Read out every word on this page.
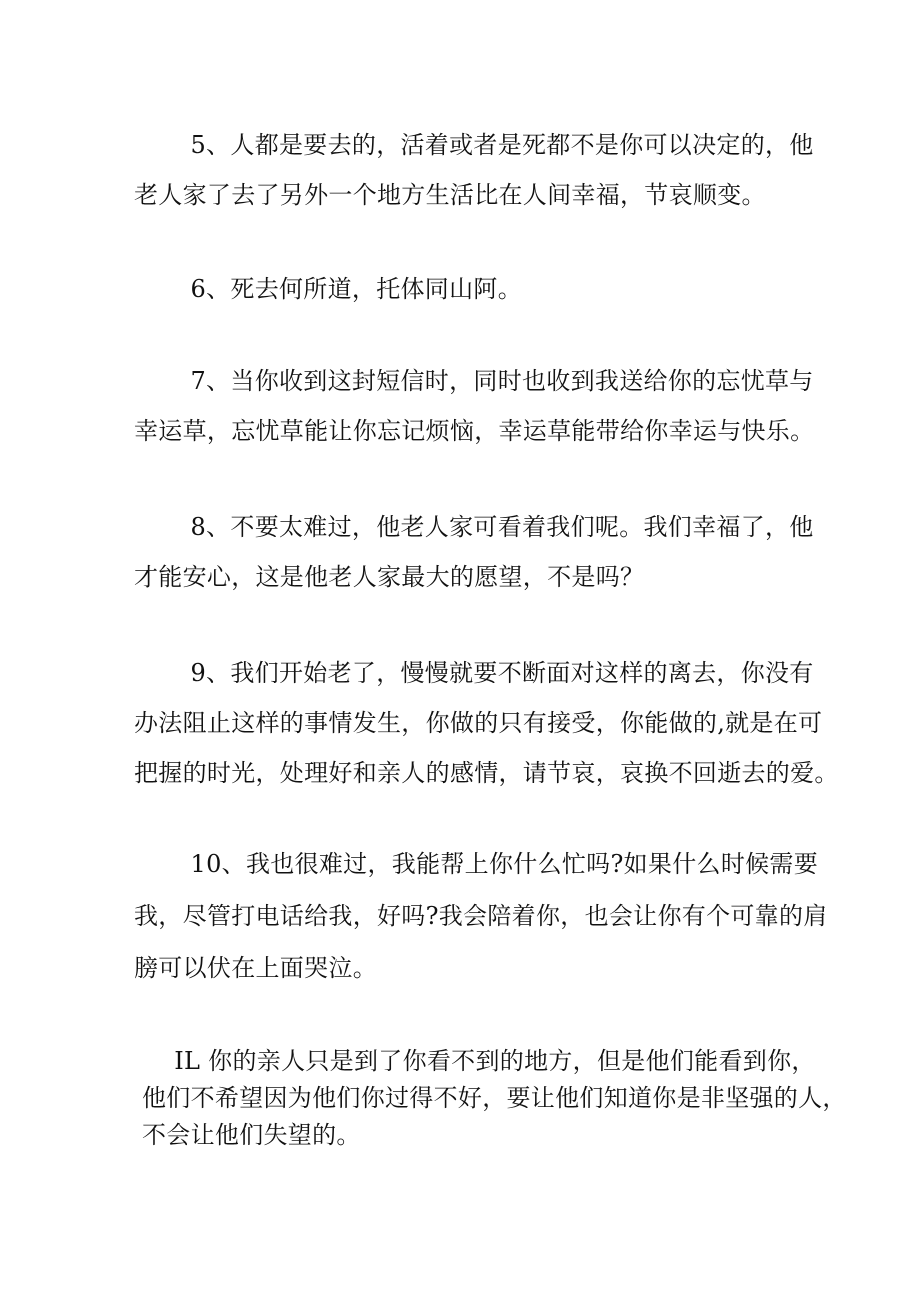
　　 5、人都是要去的，活着或者是死都不是你可以决定的，他

老人家了去了另外一个地方生活比在人间幸福，节哀顺变。

　　 6、死去何所道，托体同山阿。

　　 7、当你收到这封短信时，同时也收到我送给你的忘忧草与

幸运草，忘忧草能让你忘记烦恼，幸运草能带给你幸运与快乐。

　　 8、不要太难过，他老人家可看着我们呢。我们幸福了，他

才能安心，这是他老人家最大的愿望，不是吗？

　　 9、我们开始老了，慢慢就要不断面对这样的离去，你没有

办法阻止这样的事情发生，你做的只有接受，你能做的,就是在可

把握的时光，处理好和亲人的感情，请节哀，哀换不回逝去的爱。

　　 10、我也很难过，我能帮上你什么忙吗?如果什么时候需要

我，尽管打电话给我，好吗?我会陪着你，也会让你有个可靠的肩

膀可以伏在上面哭泣。

　 IL 你的亲人只是到了你看不到的地方，但是他们能看到你，

他们不希望因为他们你过得不好，要让他们知道你是非坚强的人，

不会让他们失望的。
